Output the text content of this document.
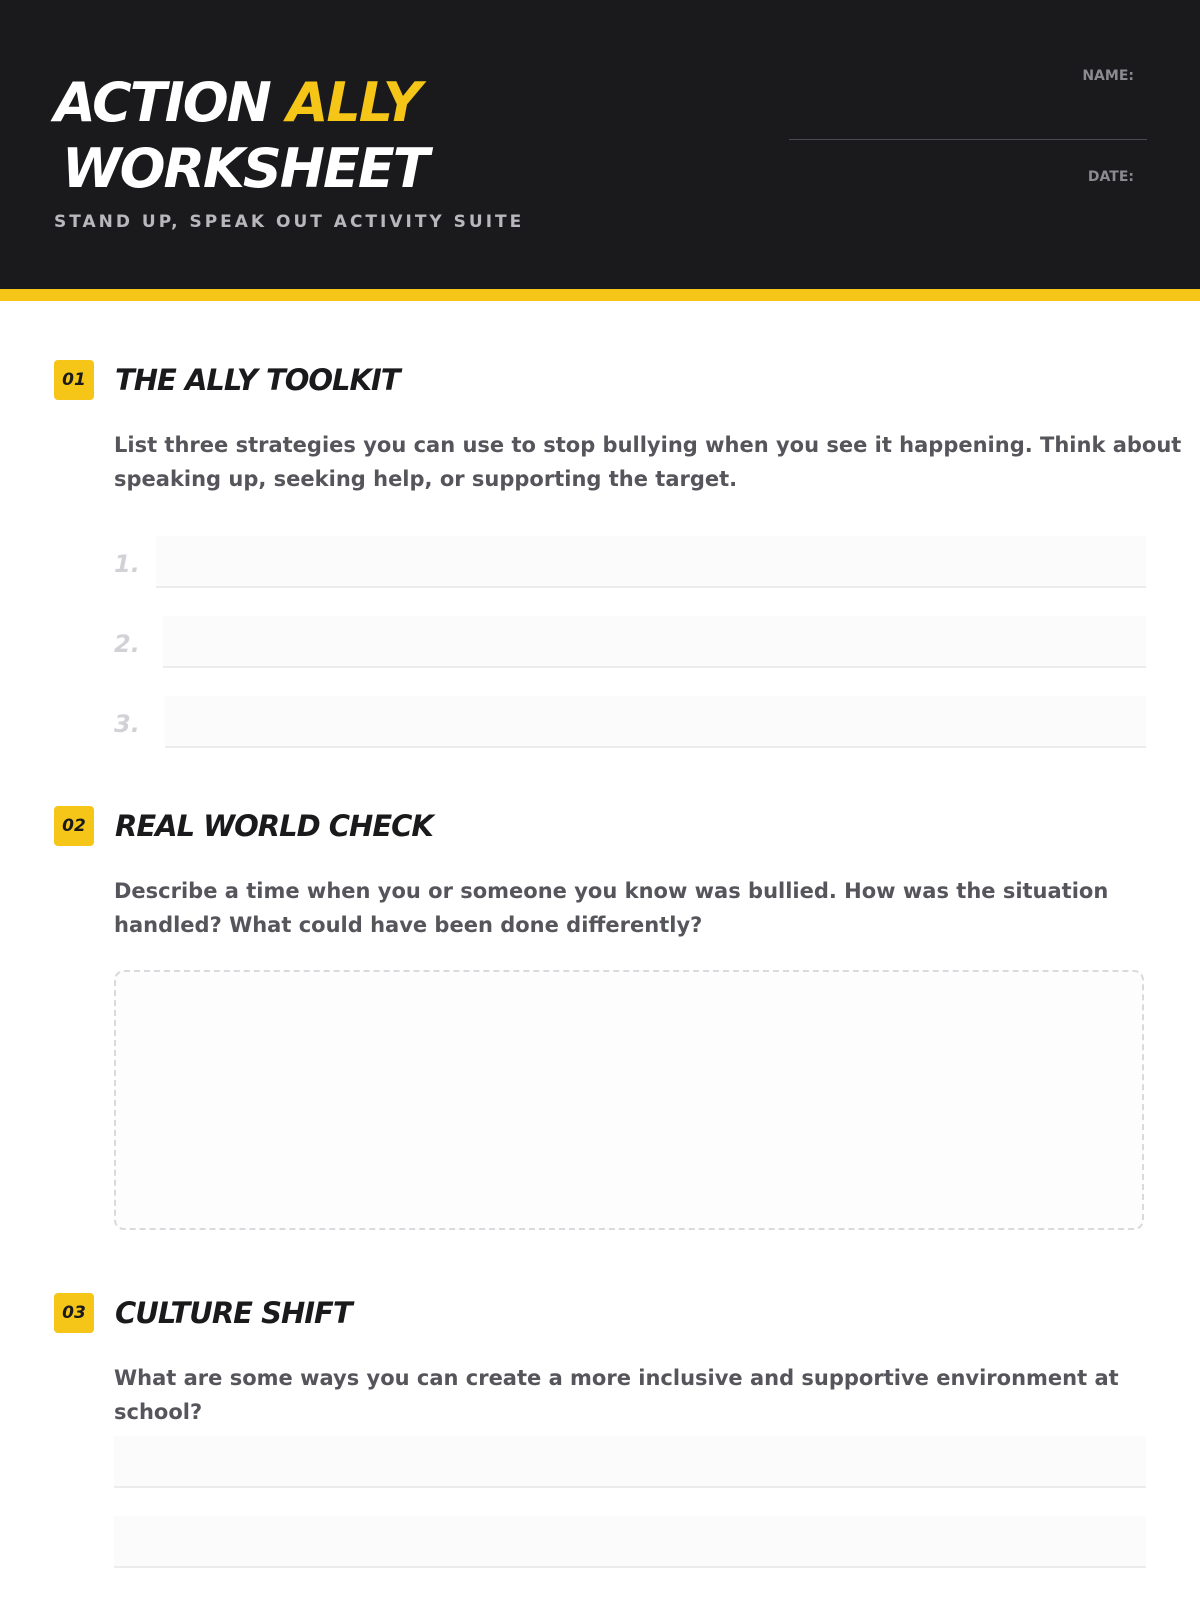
ACTION ALLY
WORKSHEET
STAND UP, SPEAK OUT ACTIVITY SUITE
NAME:
DATE:
01 THE ALLY TOOLKIT

List three strategies you can use to stop bullying when you see it happening. Think about speaking up, seeking help, or supporting the target.

1.
2.
3.
02 REAL WORLD CHECK

Describe a time when you or someone you know was bullied. How was the situation handled? What could have been done differently?

03 CULTURE SHIFT

What are some ways you can create a more inclusive and supportive environment at school?
